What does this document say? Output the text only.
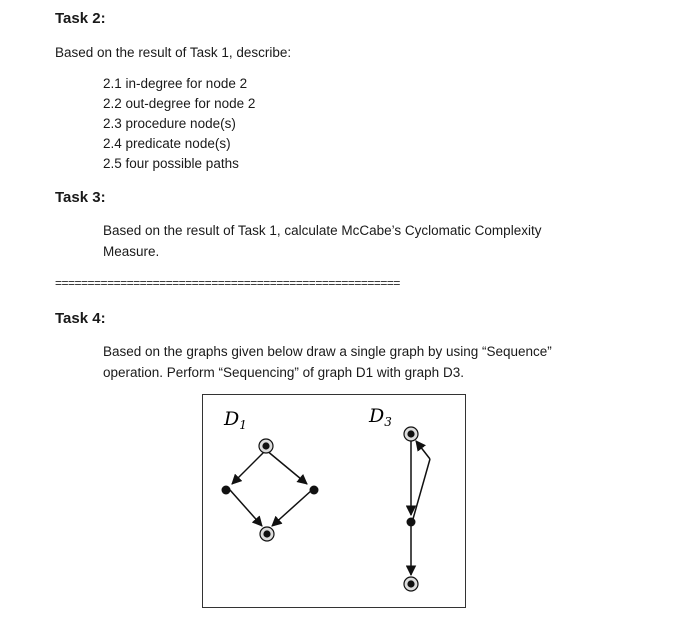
Task 2:
Based on the result of Task 1, describe:
2.1 in-degree for node 2
2.2 out-degree for node 2
2.3 procedure node(s)
2.4 predicate node(s)
2.5 four possible paths
Task 3:
Based on the result of Task 1, calculate McCabe’s Cyclomatic Complexity
Measure.
=====================================================
Task 4:
Based on the graphs given below draw a single graph by using “Sequence”
operation. Perform “Sequencing” of graph D1 with graph D3.
$D_1$	$D_3$
